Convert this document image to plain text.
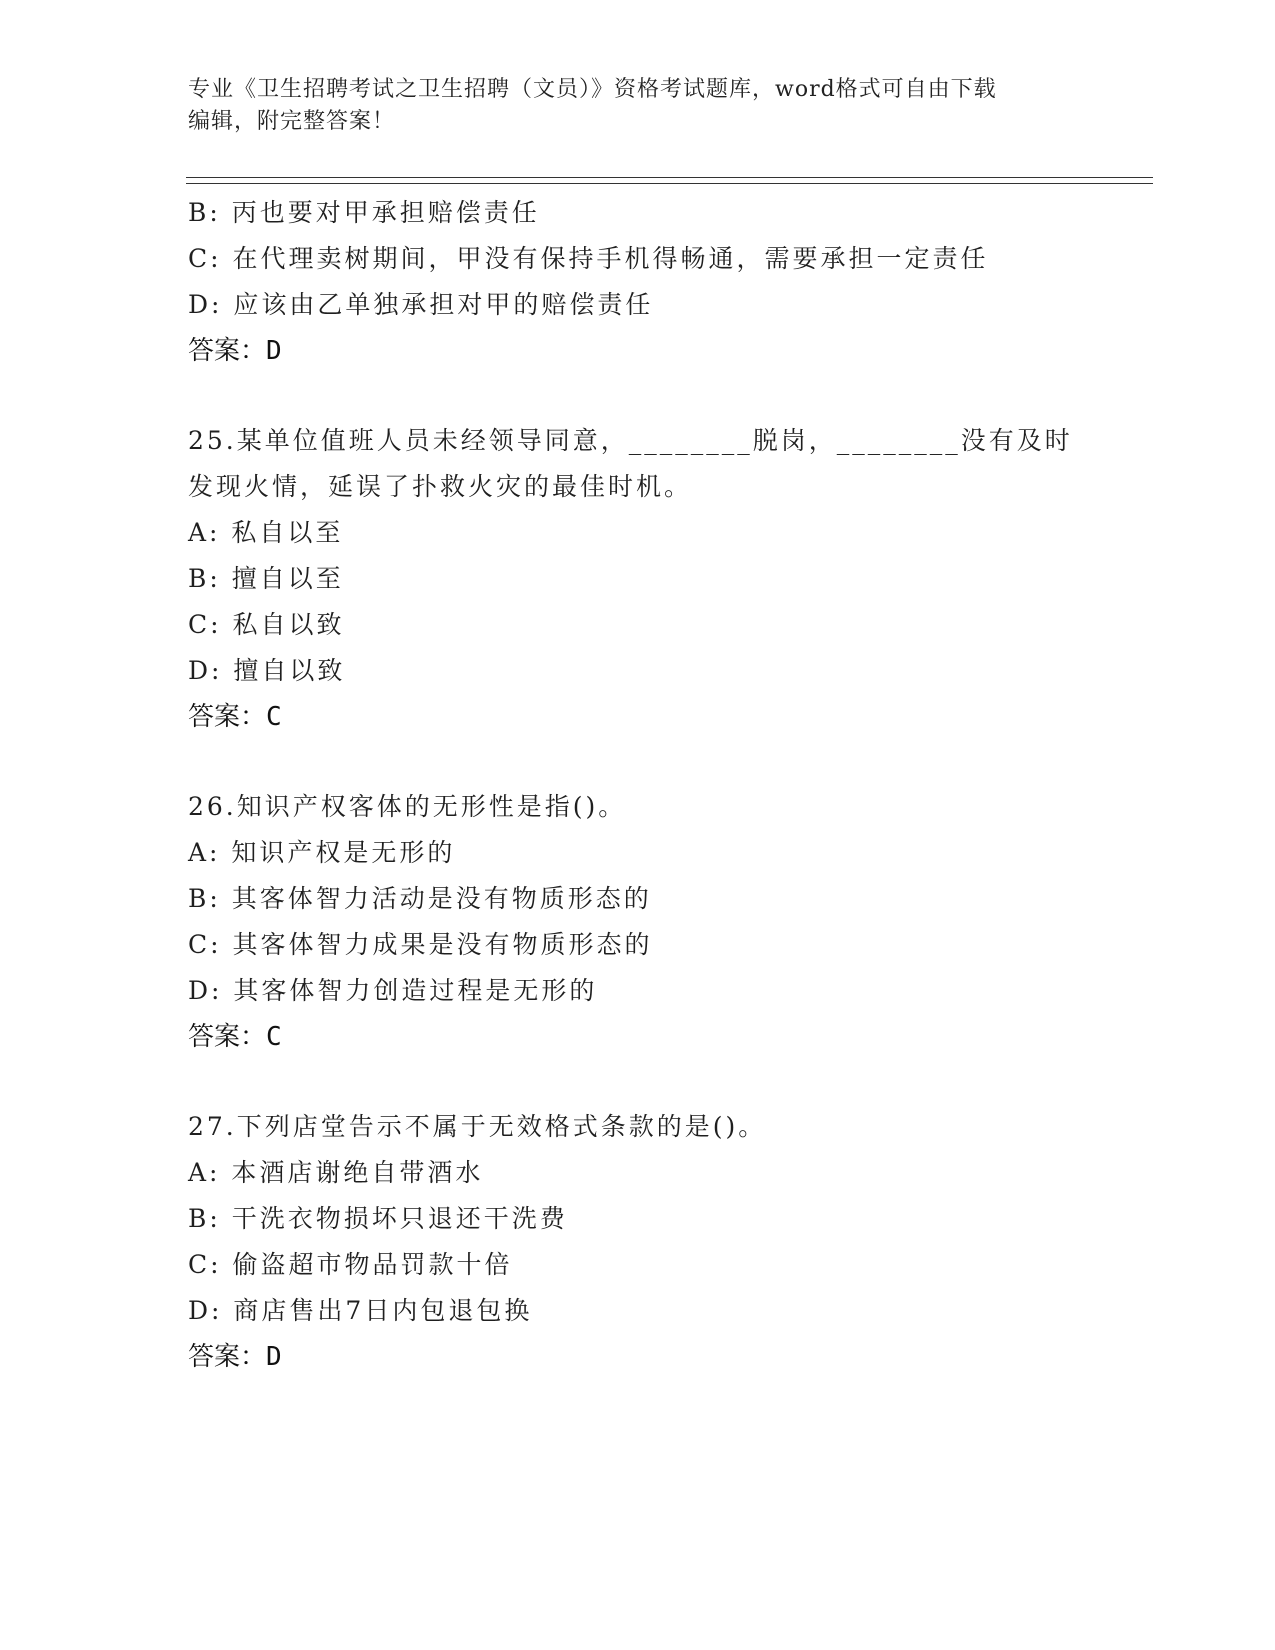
专业《卫生招聘考试之卫生招聘（文员）》资格考试题库，word格式可自由下载
编辑，附完整答案！
B: 丙也要对甲承担赔偿责任
C: 在代理卖树期间，甲没有保持手机得畅通，需要承担一定责任
D: 应该由乙单独承担对甲的赔偿责任
答案：D
25.某单位值班人员未经领导同意，________脱岗，________没有及时
发现火情，延误了扑救火灾的最佳时机。
A: 私自以至
B: 擅自以至
C: 私自以致
D: 擅自以致
答案：C
26.知识产权客体的无形性是指()。
A: 知识产权是无形的
B: 其客体智力活动是没有物质形态的
C: 其客体智力成果是没有物质形态的
D: 其客体智力创造过程是无形的
答案：C
27.下列店堂告示不属于无效格式条款的是()。
A: 本酒店谢绝自带酒水
B: 干洗衣物损坏只退还干洗费
C: 偷盗超市物品罚款十倍
D: 商店售出7日内包退包换
答案：D
